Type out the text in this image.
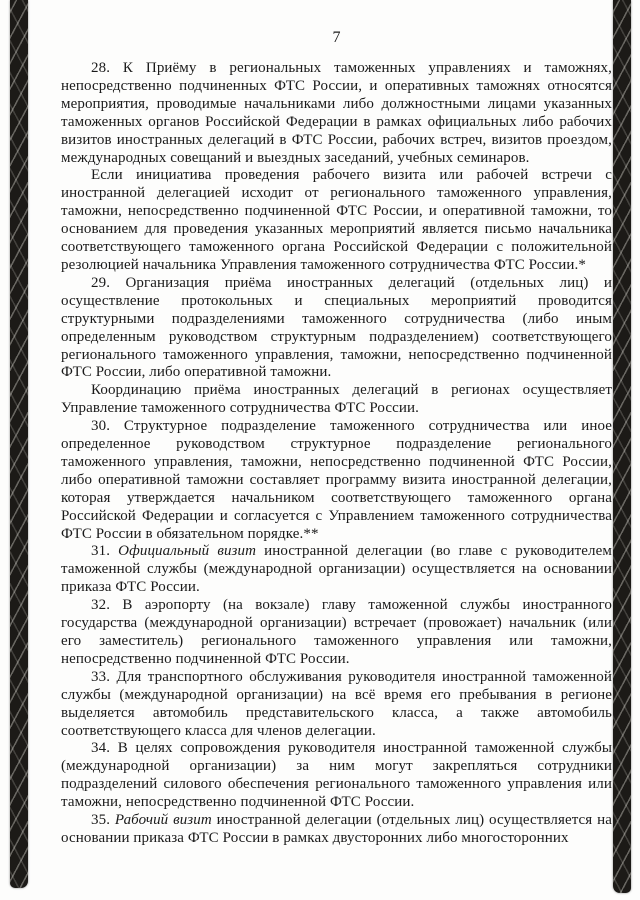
7

28. К Приёму в региональных таможенных управлениях и таможнях, непосредственно подчиненных ФТС России, и оперативных таможнях относятся мероприятия, проводимые начальниками либо должностными лицами указанных таможенных органов Российской Федерации в рамках официальных либо рабочих визитов иностранных делегаций в ФТС России, рабочих встреч, визитов проездом, международных совещаний и выездных заседаний, учебных семинаров.

Если инициатива проведения рабочего визита или рабочей встречи с иностранной делегацией исходит от регионального таможенного управления, таможни, непосредственно подчиненной ФТС России, и оперативной таможни, то основанием для проведения указанных мероприятий является письмо начальника соответствующего таможенного органа Российской Федерации с положительной резолюцией начальника Управления таможенного сотрудничества ФТС России.*

29. Организация приёма иностранных делегаций (отдельных лиц) и осуществление протокольных и специальных мероприятий проводится структурными подразделениями таможенного сотрудничества (либо иным определенным руководством структурным подразделением) соответствующего регионального таможенного управления, таможни, непосредственно подчиненной ФТС России, либо оперативной таможни.

Координацию приёма иностранных делегаций в регионах осуществляет Управление таможенного сотрудничества ФТС России.

30. Структурное подразделение таможенного сотрудничества или иное определенное руководством структурное подразделение регионального таможенного управления, таможни, непосредственно подчиненной ФТС России, либо оперативной таможни составляет программу визита иностранной делегации, которая утверждается начальником соответствующего таможенного органа Российской Федерации и согласуется с Управлением таможенного сотрудничества ФТС России в обязательном порядке.**

31. Официальный визит иностранной делегации (во главе с руководителем таможенной службы (международной организации) осуществляется на основании приказа ФТС России.

32. В аэропорту (на вокзале) главу таможенной службы иностранного государства (международной организации) встречает (провожает) начальник (или его заместитель) регионального таможенного управления или таможни, непосредственно подчиненной ФТС России.

33. Для транспортного обслуживания руководителя иностранной таможенной службы (международной организации) на всё время его пребывания в регионе выделяется автомобиль представительского класса, а также автомобиль соответствующего класса для членов делегации.

34. В целях сопровождения руководителя иностранной таможенной службы (международной организации) за ним могут закрепляться сотрудники подразделений силового обеспечения регионального таможенного управления или таможни, непосредственно подчиненной ФТС России.

35. Рабочий визит иностранной делегации (отдельных лиц) осуществляется на основании приказа ФТС России в рамках двусторонних либо многосторонних
